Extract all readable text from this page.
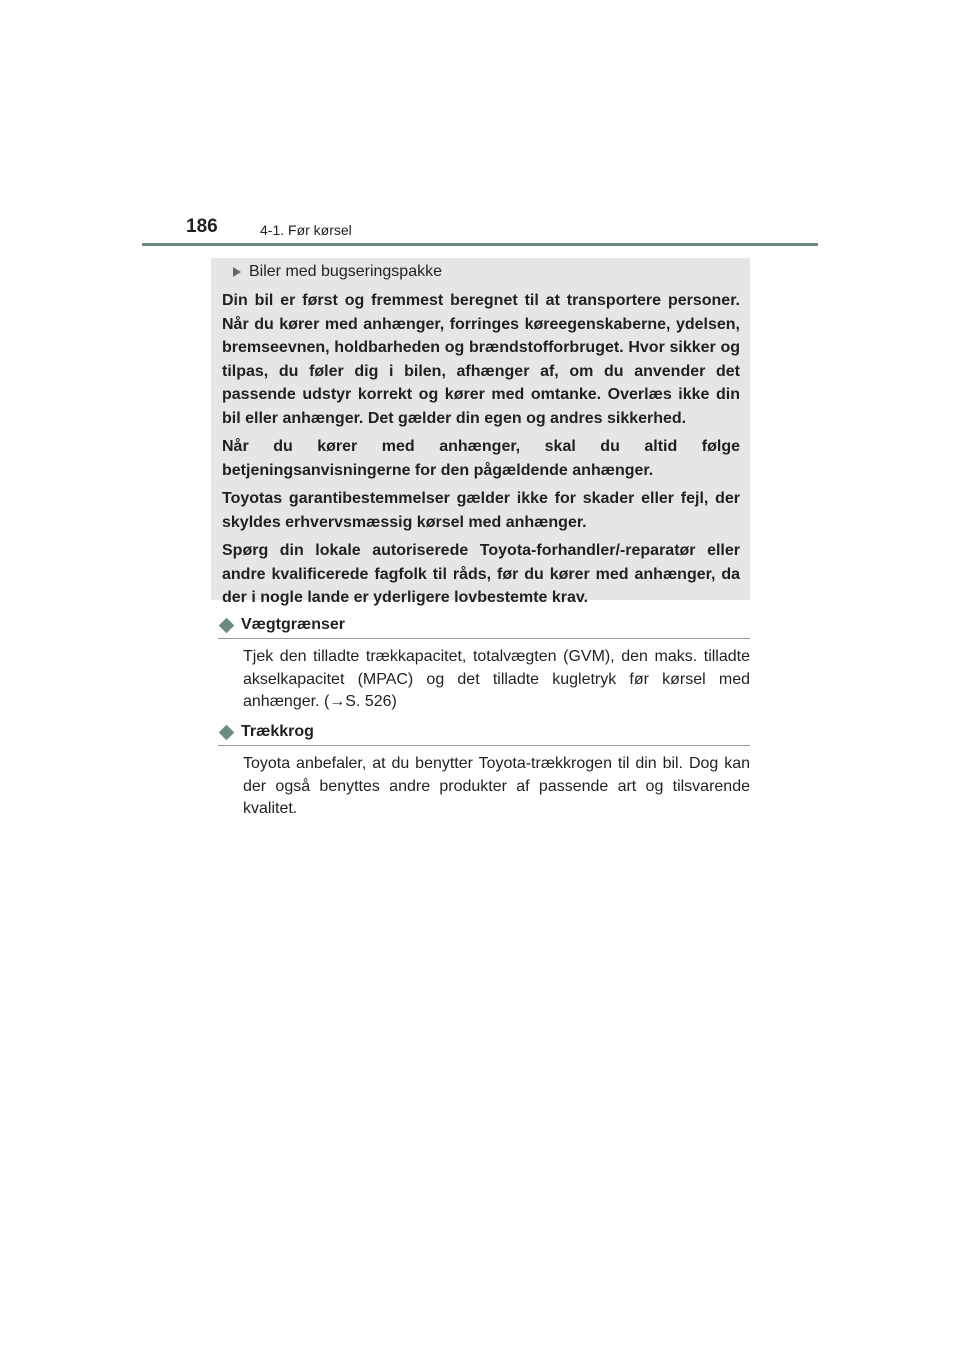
186	4-1. Før kørsel
Biler med bugseringspakke

Din bil er først og fremmest beregnet til at transportere personer. Når du kører med anhænger, forringes køreegenskaberne, ydelsen, bremseevnen, holdbarheden og brændstofforbruget. Hvor sikker og tilpas, du føler dig i bilen, afhænger af, om du anvender det passende udstyr korrekt og kører med omtanke. Overlæs ikke din bil eller anhænger. Det gælder din egen og andres sikkerhed.

Når du kører med anhænger, skal du altid følge betjeningsanvisningerne for den pågældende anhænger.

Toyotas garantibestemmelser gælder ikke for skader eller fejl, der skyldes erhvervsmæssig kørsel med anhænger.

Spørg din lokale autoriserede Toyota-forhandler/-reparatør eller andre kvalificerede fagfolk til råds, før du kører med anhænger, da der i nogle lande er yderligere lovbestemte krav.

Vægtgrænser

Tjek den tilladte trækkapacitet, totalvægten (GVM), den maks. tilladte akselkapacitet (MPAC) og det tilladte kugletryk før kørsel med anhænger. (→S. 526)

Trækkrog

Toyota anbefaler, at du benytter Toyota-trækkrogen til din bil. Dog kan der også benyttes andre produkter af passende art og tilsvarende kvalitet.
